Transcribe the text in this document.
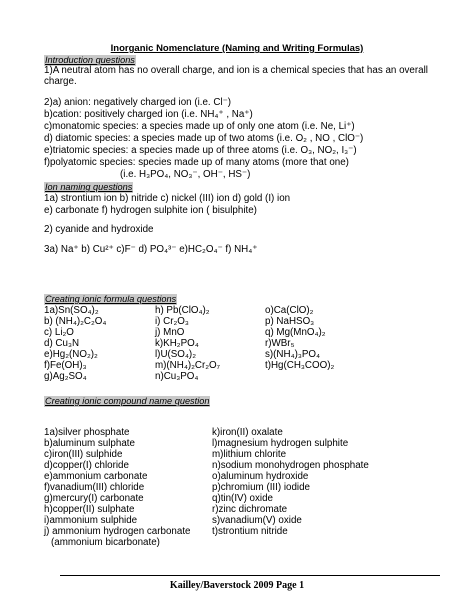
Inorganic Nomenclature (Naming and Writing Formulas)
Introduction questions
1)A neutral atom has no overall charge, and ion is a chemical species that has an overall
charge.
2)a) anion: negatively charged ion (i.e. Cl⁻)
b)cation: positively charged ion (i.e. NH₄⁺ , Na⁺)
c)monatomic species: a species made up of only one atom (i.e. Ne, Li⁺)
d) diatomic species: a species made up of two atoms (i.e. O₂ , NO , ClO⁻)
e)triatomic species: a species made up of three atoms (i.e. O₃, NO₂, I₃⁻)
f)polyatomic species: species made up of many atoms (more that one)
(i.e. H₃PO₄, NO₃⁻, OH⁻, HS⁻)
Ion naming questions
1a) strontium ion b) nitride c) nickel (III) ion d) gold (I) ion
e) carbonate f) hydrogen sulphite ion ( bisulphite)
2) cyanide and hydroxide
3a) Na⁺ b) Cu²⁺ c)F⁻ d) PO₄³⁻ e)HC₂O₄⁻ f) NH₄⁺
Creating ionic formula questions
1a)Sn(SO₄)₂
b) (NH₄)₂C₂O₄
c) Li₂O
d) Cu₃N
e)Hg₂(NO₂)₂
f)Fe(OH)₃
g)Ag₂SO₄
h) Pb(ClO₄)₂
i) Cr₂O₃
j) MnO
k)KH₂PO₄
l)U(SO₄)₂
m)(NH₄)₂Cr₂O₇
n)Cu₃PO₄
o)Ca(ClO)₂
p) NaHSO₃
q) Mg(MnO₄)₂
r)WBr₅
s)(NH₄)₃PO₄
t)Hg(CH₃COO)₂
Creating ionic compound name question
1a)silver phosphate
b)aluminum sulphate
c)iron(III) sulphide
d)copper(I) chloride
e)ammonium carbonate
f)vanadium(III) chloride
g)mercury(I) carbonate
h)copper(II) sulphate
i)ammonium sulphide
j) ammonium hydrogen carbonate
(ammonium bicarbonate)
k)iron(II) oxalate
l)magnesium hydrogen sulphite
m)lithium chlorite
n)sodium monohydrogen phosphate
o)aluminum hydroxide
p)chromium (III) iodide
q)tin(IV) oxide
r)zinc dichromate
s)vanadium(V) oxide
t)strontium nitride
Kailley/Baverstock 2009 Page 1
